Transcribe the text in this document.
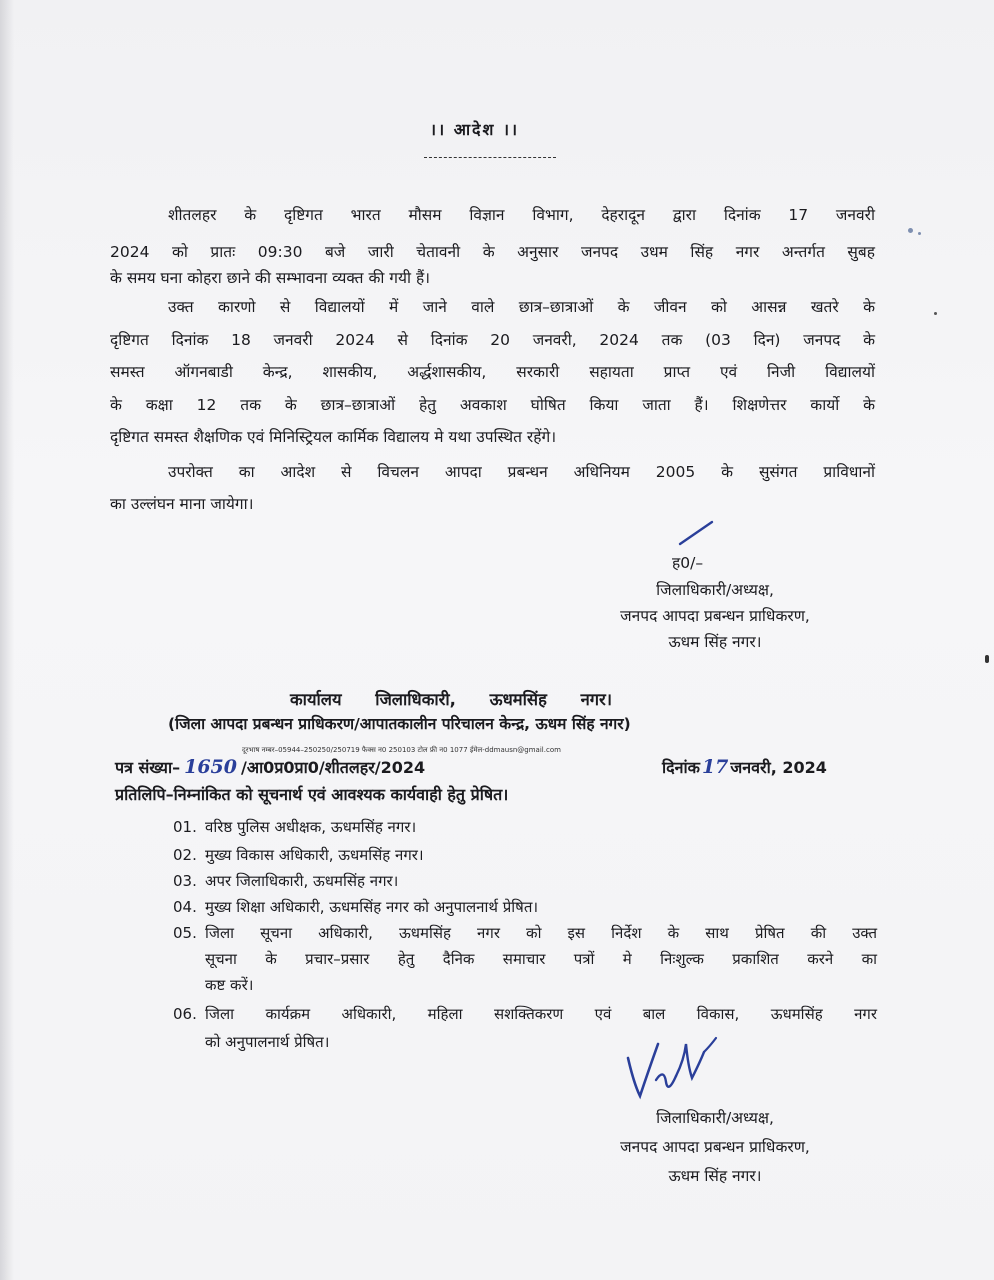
।। आदेश ।।
शीतलहर के दृष्टिगत भारत मौसम विज्ञान विभाग, देहरादून द्वारा दिनांक 17 जनवरी
2024 को प्रातः 09:30 बजे जारी चेतावनी के अनुसार जनपद उधम सिंह नगर अन्तर्गत सुबह
के समय घना कोहरा छाने की सम्भावना व्यक्त की गयी हैं।
उक्त कारणो से विद्यालयों में जाने वाले छात्र–छात्राओं के जीवन को आसन्न खतरे के
दृष्टिगत दिनांक 18 जनवरी 2024 से दिनांक 20 जनवरी, 2024 तक (03 दिन) जनपद के
समस्त ऑगनबाडी केन्द्र, शासकीय, अर्द्धशासकीय, सरकारी सहायता प्राप्त एवं निजी विद्यालयों
के कक्षा 12 तक के छात्र–छात्राओं हेतु अवकाश घोषित किया जाता हैं। शिक्षणेत्तर कार्यो के
दृष्टिगत समस्त शैक्षणिक एवं मिनिस्ट्रियल कार्मिक विद्यालय मे यथा उपस्थित रहेंगे।
उपरोक्त का आदेश से विचलन आपदा प्रबन्धन अधिनियम 2005 के सुसंगत प्राविधानों
का उल्लंघन माना जायेगा।
ह0/–
जिलाधिकारी/अध्यक्ष,
जनपद आपदा प्रबन्धन प्राधिकरण,
ऊधम सिंह नगर।
कार्यालय जिलाधिकारी, ऊधमसिंह नगर।
(जिला आपदा प्रबन्धन प्राधिकरण/आपातकालीन परिचालन केन्द्र, ऊधम सिंह नगर)
दूरभाष नम्बर–05944–250250/250719 फैक्स न0 250103 टोल फ्री न0 1077 ई‌मेल-ddmausn@gmail.com
पत्र संख्या– 1650 /आ0प्र0प्रा0/शीतलहर/2024	दिनांक 17 जनवरी, 2024
प्रतिलिपि–निम्नांकित को सूचनार्थ एवं आवश्यक कार्यवाही हेतु प्रेषित।
01. वरिष्ठ पुलिस अधीक्षक, ऊधमसिंह नगर।
02. मुख्य विकास अधिकारी, ऊधमसिंह नगर।
03. अपर जिलाधिकारी, ऊधमसिंह नगर।
04. मुख्य शिक्षा अधिकारी, ऊधमसिंह नगर को अनुपालनार्थ प्रेषित।
05. जिला सूचना अधिकारी, ऊधमसिंह नगर को इस निर्देश के साथ प्रेषित की उक्त
सूचना के प्रचार–प्रसार हेतु दैनिक समाचार पत्रों मे निःशुल्क प्रकाशित करने का
कष्ट करें।
06. जिला कार्यक्रम अधिकारी, महिला सशक्तिकरण एवं बाल विकास, ऊधमसिंह नगर
को अनुपालनार्थ प्रेषित।
जिलाधिकारी/अध्यक्ष,
जनपद आपदा प्रबन्धन प्राधिकरण,
ऊधम सिंह नगर।
